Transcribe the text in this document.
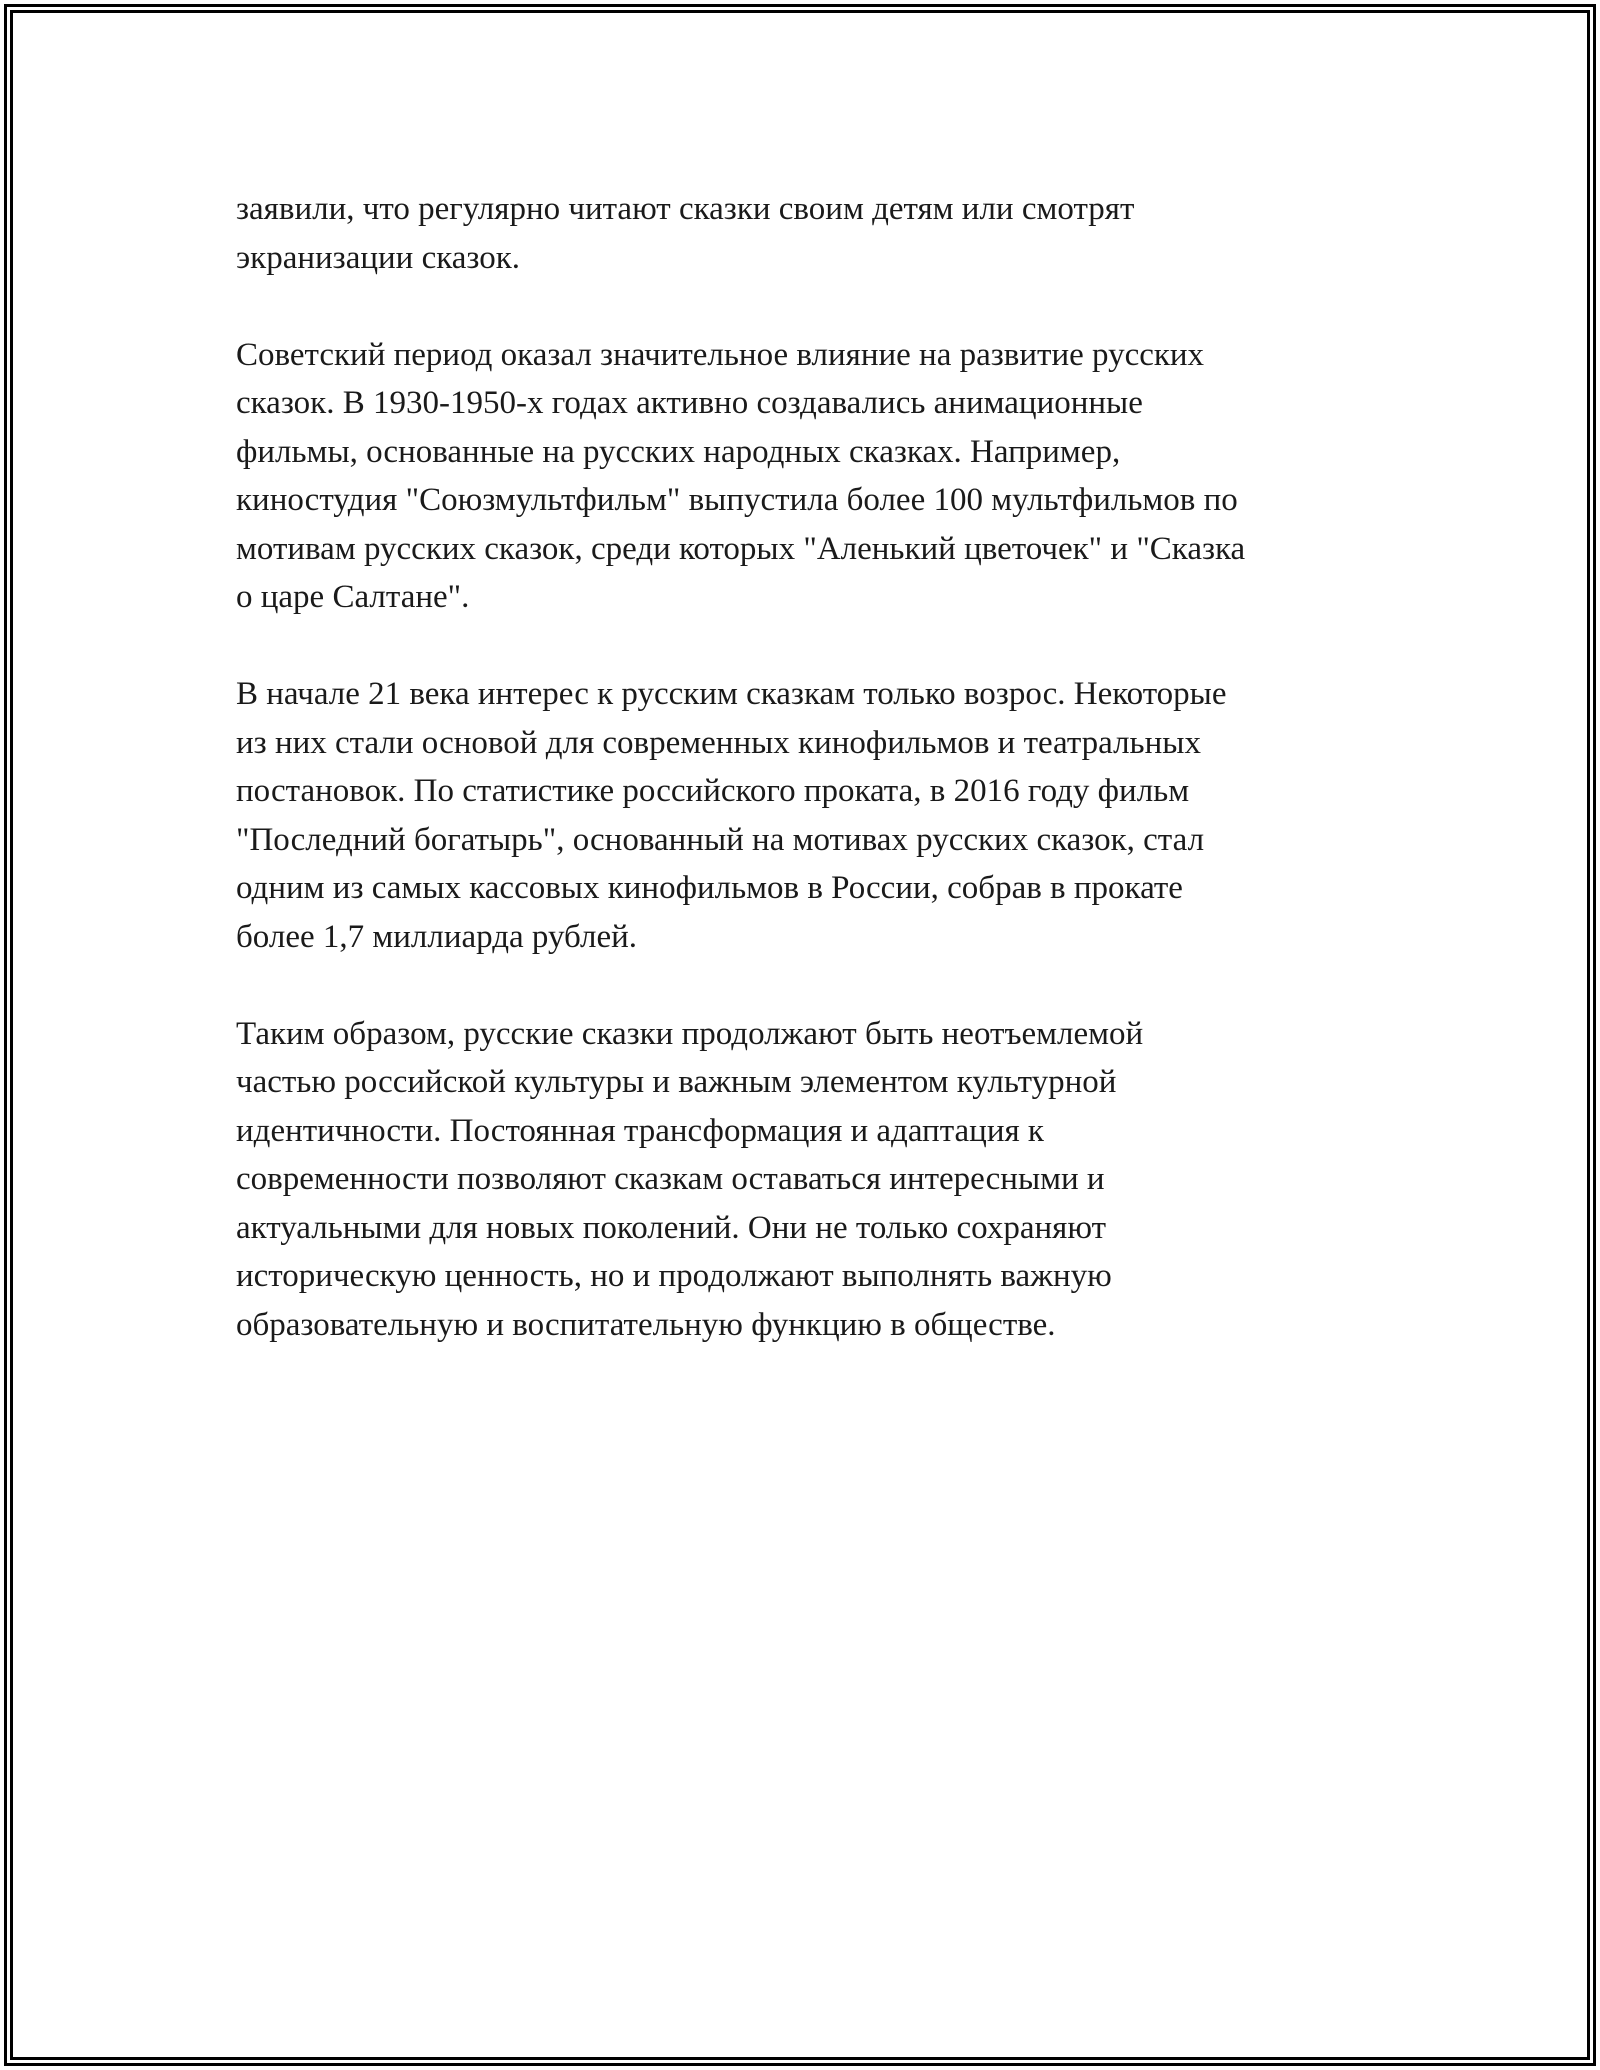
заявили, что регулярно читают сказки своим детям или смотрят
экранизации сказок.

Советский период оказал значительное влияние на развитие русских
сказок. В 1930-1950-х годах активно создавались анимационные
фильмы, основанные на русских народных сказках. Например,
киностудия "Союзмультфильм" выпустила более 100 мультфильмов по
мотивам русских сказок, среди которых "Аленький цветочек" и "Сказка
о царе Салтане".

В начале 21 века интерес к русским сказкам только возрос. Некоторые
из них стали основой для современных кинофильмов и театральных
постановок. По статистике российского проката, в 2016 году фильм
"Последний богатырь", основанный на мотивах русских сказок, стал
одним из самых кассовых кинофильмов в России, собрав в прокате
более 1,7 миллиарда рублей.

Таким образом, русские сказки продолжают быть неотъемлемой
частью российской культуры и важным элементом культурной
идентичности. Постоянная трансформация и адаптация к
современности позволяют сказкам оставаться интересными и
актуальными для новых поколений. Они не только сохраняют
историческую ценность, но и продолжают выполнять важную
образовательную и воспитательную функцию в обществе.
